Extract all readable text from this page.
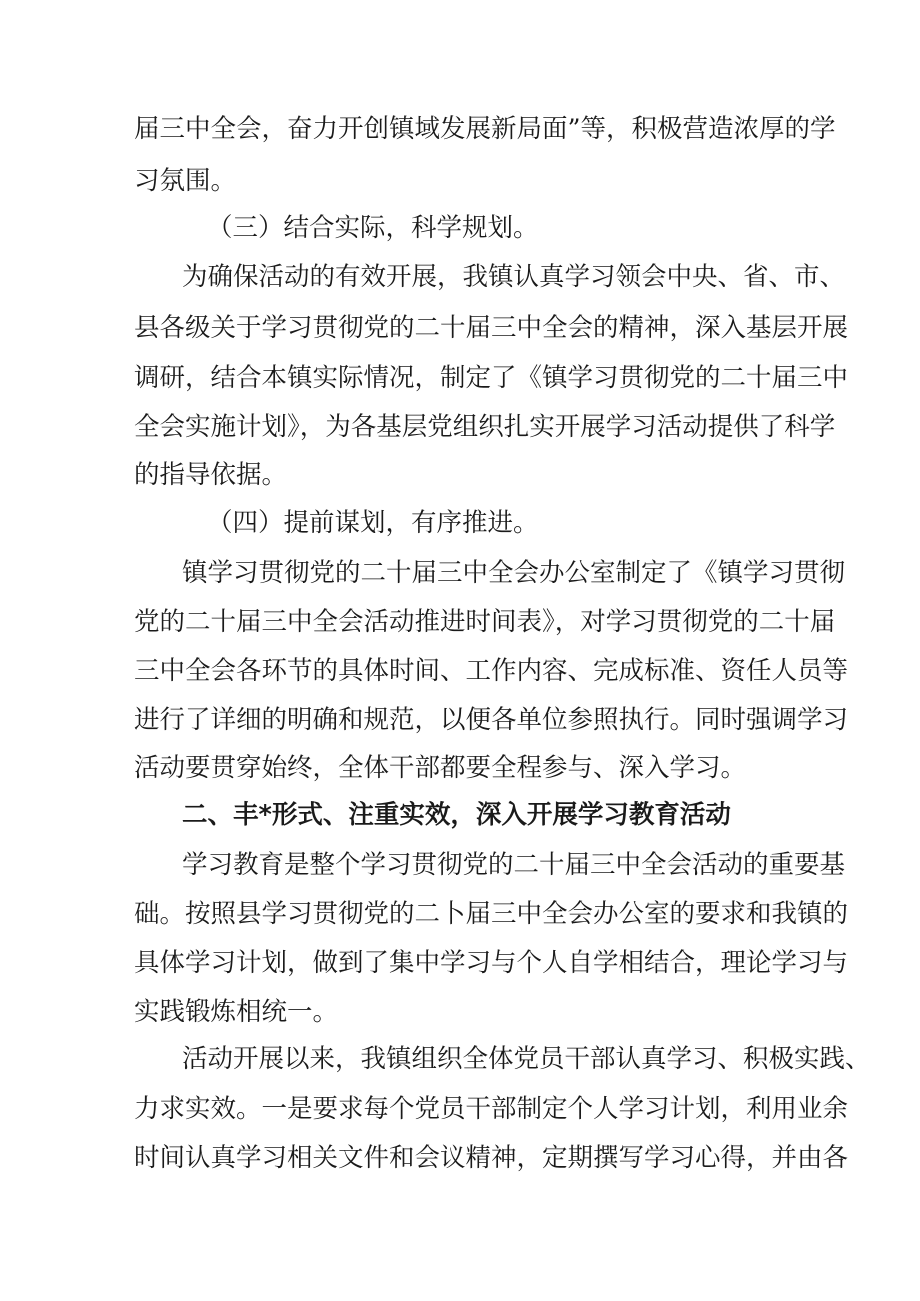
届三中全会，奋力开创镇域发展新局面”等，积极营造浓厚的学
习氛围。
（三）结合实际，科学规划。
为确保活动的有效开展，我镇认真学习领会中央、省、市、
县各级关于学习贯彻党的二十届三中全会的精神，深入基层开展
调研，结合本镇实际情况，制定了《镇学习贯彻党的二十届三中
全会实施计划》，为各基层党组织扎实开展学习活动提供了科学
的指导依据。
（四）提前谋划，有序推进。
镇学习贯彻党的二十届三中全会办公室制定了《镇学习贯彻
党的二十届三中全会活动推进时间表》，对学习贯彻党的二十届
三中全会各环节的具体时间、工作内容、完成标准、资任人员等
进行了详细的明确和规范，以便各单位参照执行。同时强调学习
活动要贯穿始终，全体干部都要全程参与、深入学习。
二、丰*形式、注重实效，深入开展学习教育活动
学习教育是整个学习贯彻党的二十届三中全会活动的重要基
础。按照县学习贯彻党的二卜届三中全会办公室的要求和我镇的
具体学习计划，做到了集中学习与个人自学相结合，理论学习与
实践锻炼相统一。
活动开展以来，我镇组织全体党员干部认真学习、积极实践、
力求实效。一是要求每个党员干部制定个人学习计划，利用业余
时间认真学习相关文件和会议精神，定期撰写学习心得，并由各
